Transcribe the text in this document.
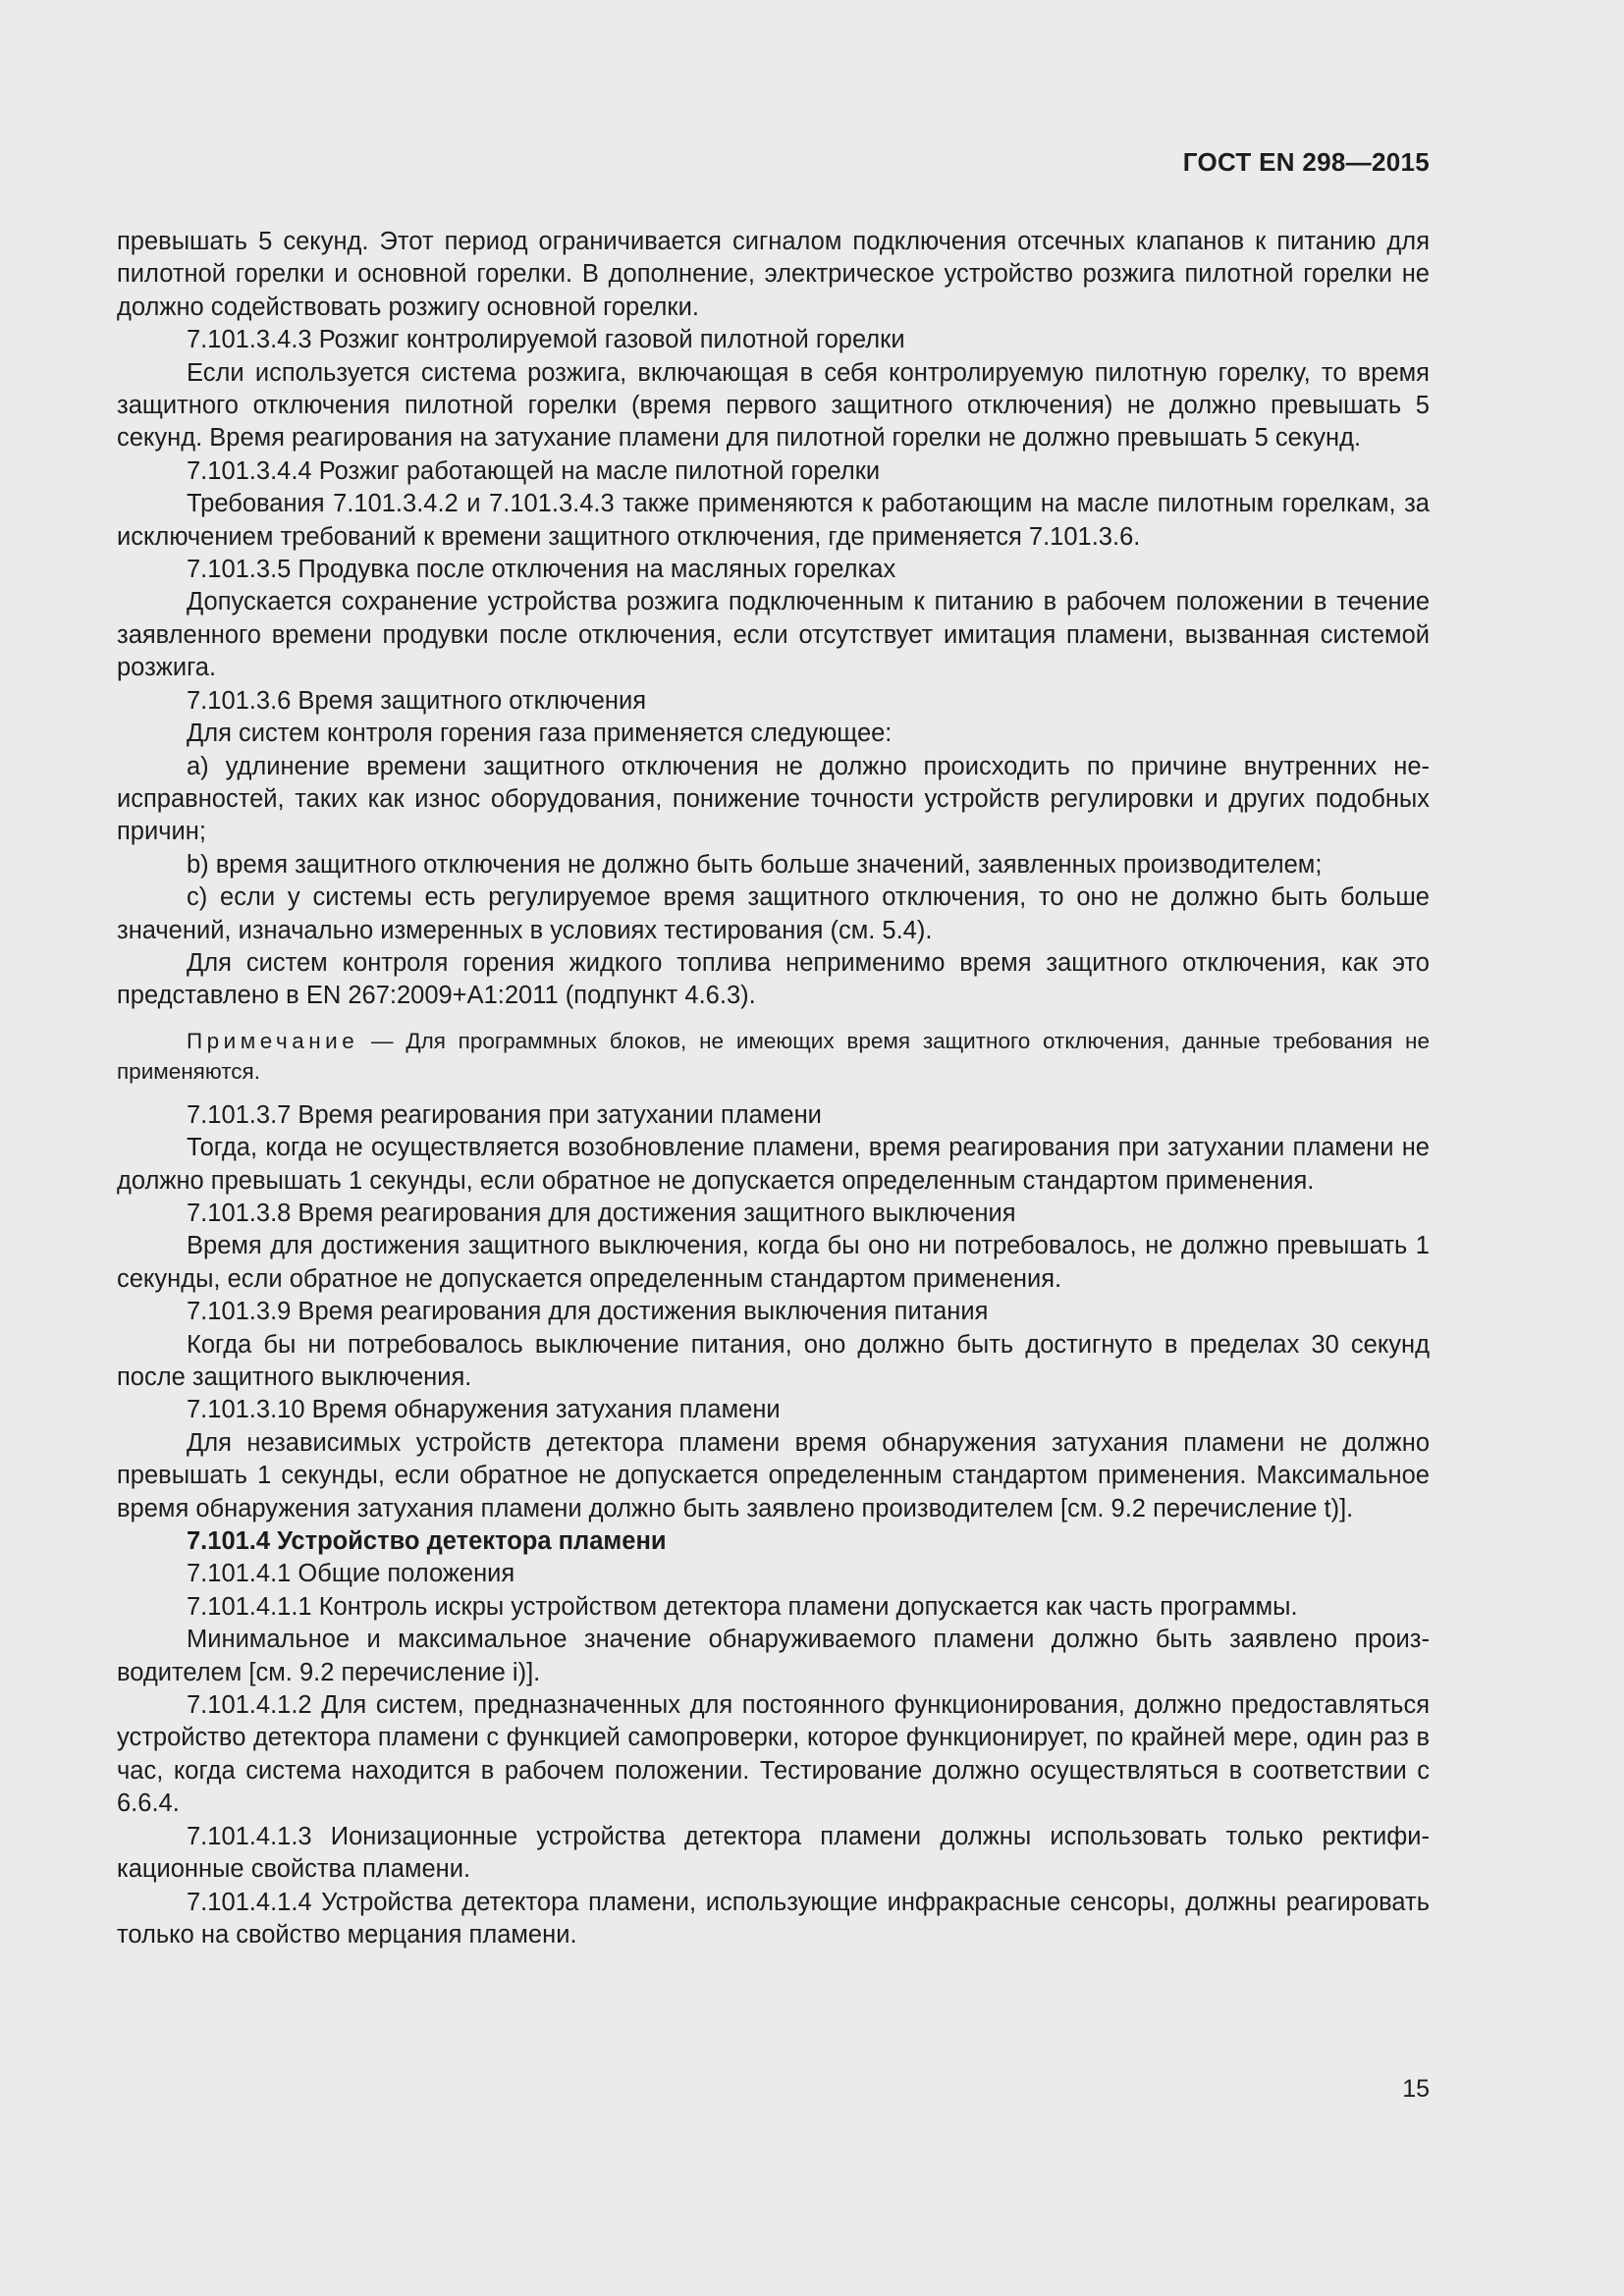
ГОСТ EN 298—2015

превышать 5 секунд. Этот период ограничивается сигналом подключения отсечных клапанов к питанию для пилотной горелки и основной горелки. В дополнение, электрическое устройство розжига пилотной горелки не должно содействовать розжигу основной горелки.

7.101.3.4.3 Розжиг контролируемой газовой пилотной горелки

Если используется система розжига, включающая в себя контролируемую пилотную горелку, то время защитного отключения пилотной горелки (время первого защитного отключения) не должно превышать 5 секунд. Время реагирования на затухание пламени для пилотной горелки не должно превышать 5 секунд.

7.101.3.4.4 Розжиг работающей на масле пилотной горелки

Требования 7.101.3.4.2 и 7.101.3.4.3 также применяются к работающим на масле пилотным горелкам, за исключением требований к времени защитного отключения, где применяется 7.101.3.6.

7.101.3.5 Продувка после отключения на масляных горелках

Допускается сохранение устройства розжига подключенным к питанию в рабочем положении в течение заявленного времени продувки после отключения, если отсутствует имитация пламени, вызванная системой розжига.

7.101.3.6 Время защитного отключения

Для систем контроля горения газа применяется следующее:

а) удлинение времени защитного отключения не должно происходить по причине внутренних неисправностей, таких как износ оборудования, понижение точности устройств регулировки и других подобных причин;

b) время защитного отключения не должно быть больше значений, заявленных производителем;

с) если у системы есть регулируемое время защитного отключения, то оно не должно быть больше значений, изначально измеренных в условиях тестирования (см. 5.4).

Для систем контроля горения жидкого топлива неприменимо время защитного отключения, как это представлено в EN 267:2009+A1:2011 (подпункт 4.6.3).

Примечание — Для программных блоков, не имеющих время защитного отключения, данные требования не применяются.

7.101.3.7 Время реагирования при затухании пламени

Тогда, когда не осуществляется возобновление пламени, время реагирования при затухании пламени не должно превышать 1 секунды, если обратное не допускается определенным стандартом применения.

7.101.3.8 Время реагирования для достижения защитного выключения

Время для достижения защитного выключения, когда бы оно ни потребовалось, не должно превышать 1 секунды, если обратное не допускается определенным стандартом применения.

7.101.3.9 Время реагирования для достижения выключения питания

Когда бы ни потребовалось выключение питания, оно должно быть достигнуто в пределах 30 секунд после защитного выключения.

7.101.3.10 Время обнаружения затухания пламени

Для независимых устройств детектора пламени время обнаружения затухания пламени не должно превышать 1 секунды, если обратное не допускается определенным стандартом применения. Максимальное время обнаружения затухания пламени должно быть заявлено производителем [см. 9.2 перечисление t)].

7.101.4 Устройство детектора пламени

7.101.4.1 Общие положения

7.101.4.1.1 Контроль искры устройством детектора пламени допускается как часть программы.

Минимальное и максимальное значение обнаруживаемого пламени должно быть заявлено производителем [см. 9.2 перечисление i)].

7.101.4.1.2 Для систем, предназначенных для постоянного функционирования, должно предоставляться устройство детектора пламени с функцией самопроверки, которое функционирует, по крайней мере, один раз в час, когда система находится в рабочем положении. Тестирование должно осуществляться в соответствии с 6.6.4.

7.101.4.1.3 Ионизационные устройства детектора пламени должны использовать только ректификационные свойства пламени.

7.101.4.1.4 Устройства детектора пламени, использующие инфракрасные сенсоры, должны реагировать только на свойство мерцания пламени.

15
